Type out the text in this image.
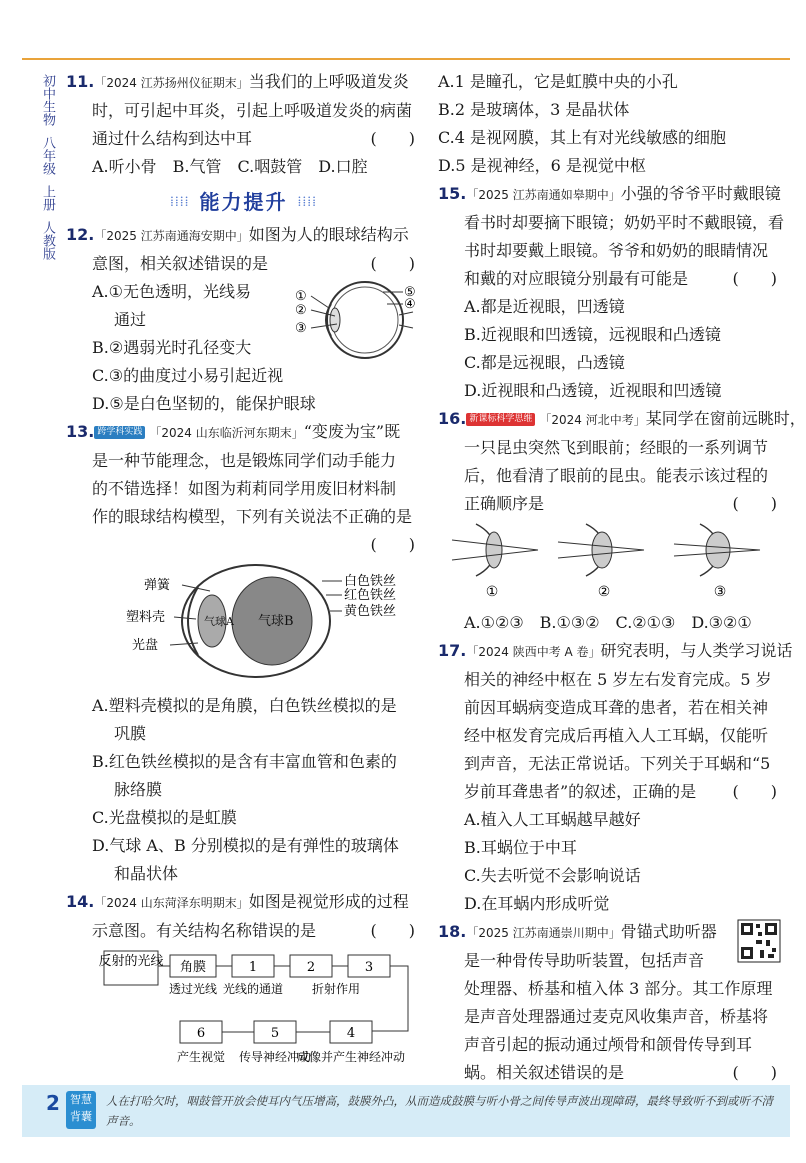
初中生物
八年级
上册
人教版
11.「2024 江苏扬州仪征期末」当我们的上呼吸道发炎
时，可引起中耳炎，引起上呼吸道发炎的病菌
通过什么结构到达中耳	(　　)
A.听小骨　B.气管　C.咽鼓管　D.口腔
⁞⁞⁞⁞ 能力提升 ⁞⁞⁞⁞
12.「2025 江苏南通海安期中」如图为人的眼球结构示
意图，相关叙述错误的是	(　　)
A.①无色透明，光线易
通过
B.②遇弱光时孔径变大
C.③的曲度过小易引起近视
①
②
③
④
⑤
D.⑤是白色坚韧的，能保护眼球
13. 跨学科实践 「2024 山东临沂河东期末」“变废为宝”既
是一种节能理念，也是锻炼同学们动手能力
的不错选择！如图为莉莉同学用废旧材料制
作的眼球结构模型，下列有关说法不正确的是
(　　)

弹簧
塑料壳
光盘
白色铁丝
红色铁丝
黄色铁丝
气球A 气球B
A.塑料壳模拟的是角膜，白色铁丝模拟的是
巩膜
B.红色铁丝模拟的是含有丰富血管和色素的
脉络膜
C.光盘模拟的是虹膜
D.气球 A、B 分别模拟的是有弹性的玻璃体
和晶状体
14.「2024 山东菏泽东明期末」如图是视觉形成的过程
示意图。有关结构名称错误的是	(　　)
反射的光线 角膜	1	2	3
透过光线 光线的通道 折射作用
4
5
6
成像并产生神经冲动
传导神经冲动
产生视觉
A.1 是瞳孔，它是虹膜中央的小孔
B.2 是玻璃体，3 是晶状体
C.4 是视网膜，其上有对光线敏感的细胞
D.5 是视神经，6 是视觉中枢
15.「2025 江苏南通如皋期中」小强的爷爷平时戴眼镜
看书时却要摘下眼镜；奶奶平时不戴眼镜，看
书时却要戴上眼镜。爷爷和奶奶的眼睛情况
和戴的对应眼镜分别最有可能是	(　　)
A.都是近视眼，凹透镜
B.近视眼和凹透镜，远视眼和凸透镜
C.都是远视眼，凸透镜
D.近视眼和凸透镜，近视眼和凹透镜
16. 新课标科学思维 「2024 河北中考」某同学在窗前远眺时，
一只昆虫突然飞到眼前；经眼的一系列调节
后，他看清了眼前的昆虫。能表示该过程的
正确顺序是	(　　)
①	②	③
A.①②③　B.①③②　C.②①③　D.③②①
17.「2024 陕西中考 A 卷」研究表明，与人类学习说话
相关的神经中枢在 5 岁左右发育完成。5 岁
前因耳蜗病变造成耳聋的患者，若在相关神
经中枢发育完成后再植入人工耳蜗，仅能听
到声音，无法正常说话。下列关于耳蜗和“5
岁前耳聋患者”的叙述，正确的是 (　　)
A.植入人工耳蜗越早越好
B.耳蜗位于中耳
C.失去听觉不会影响说话
D.在耳蜗内形成听觉
18.「2025 江苏南通崇川期中」骨锚式助听器
是一种骨传导助听装置，包括声音
处理器、桥基和植入体 3 部分。其工作原理
是声音处理器通过麦克风收集声音，桥基将
声音引起的振动通过颅骨和颌骨传导到耳
蜗。相关叙述错误的是	(　　)
2 智慧背囊
人在打哈欠时，咽鼓管开放会使耳内气压增高，鼓膜外凸，从而造成鼓膜与听小骨之间传导声波出现障碍，最终导致听不到或听不清声音。
